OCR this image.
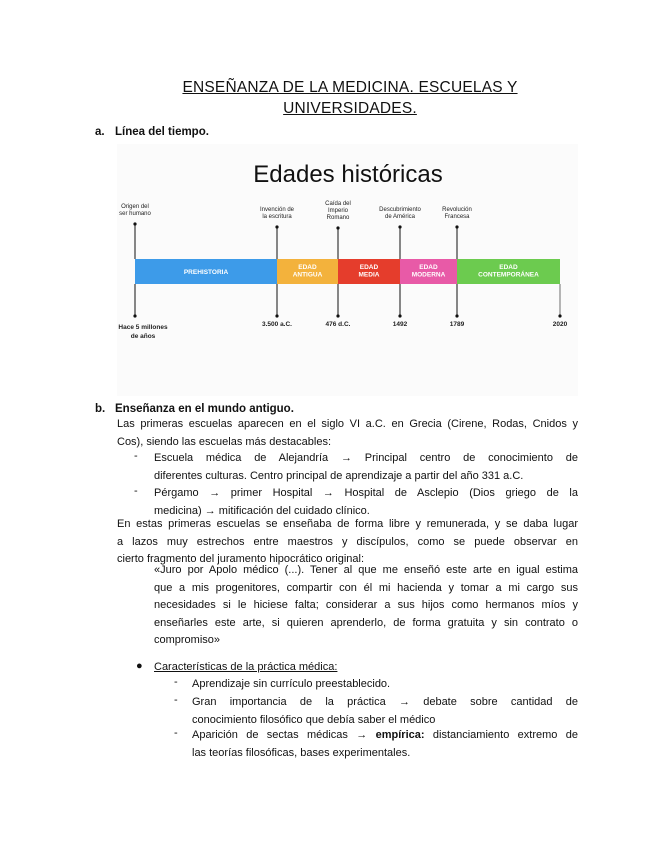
ENSEÑANZA DE LA MEDICINA. ESCUELAS Y
UNIVERSIDADES.
a. Línea del tiempo.
Edades históricas
PREHISTORIA
EDAD ANTIGUA
EDAD MEDIA
EDAD MODERNA
EDAD CONTEMPORÁNEA
Origen del ser humano
Invención de la escritura
Caída del Imperio Romano
Descubrimiento de América
Revolución Francesa
Hace 5 millones de años
3.500 a.C.	476 d.C.	1492	1789	2020
b. Enseñanza en el mundo antiguo.
Las primeras escuelas aparecen en el siglo VI a.C. en Grecia (Cirene, Rodas, Cnidos y
Cos), siendo las escuelas más destacables:
- Escuela médica de Alejandría → Principal centro de conocimiento de
diferentes culturas. Centro principal de aprendizaje a partir del año 331 a.C.
- Pérgamo → primer Hospital → Hospital de Asclepio (Dios griego de la
medicina) → mitificación del cuidado clínico.
En estas primeras escuelas se enseñaba de forma libre y remunerada, y se daba lugar
a lazos muy estrechos entre maestros y discípulos, como se puede observar en
cierto fragmento del juramento hipocrático original:
«Juro por Apolo médico (...). Tener al que me enseñó este arte en igual estima
que a mis progenitores, compartir con él mi hacienda y tomar a mi cargo sus
necesidades si le hiciese falta; considerar a sus hijos como hermanos míos y
enseñarles este arte, si quieren aprenderlo, de forma gratuita y sin contrato o
compromiso»
● Características de la práctica médica:
- Aprendizaje sin currículo preestablecido.
- Gran importancia de la práctica → debate sobre cantidad de
conocimiento filosófico que debía saber el médico
- Aparición de sectas médicas → empírica: distanciamiento extremo de
las teorías filosóficas, bases experimentales.
